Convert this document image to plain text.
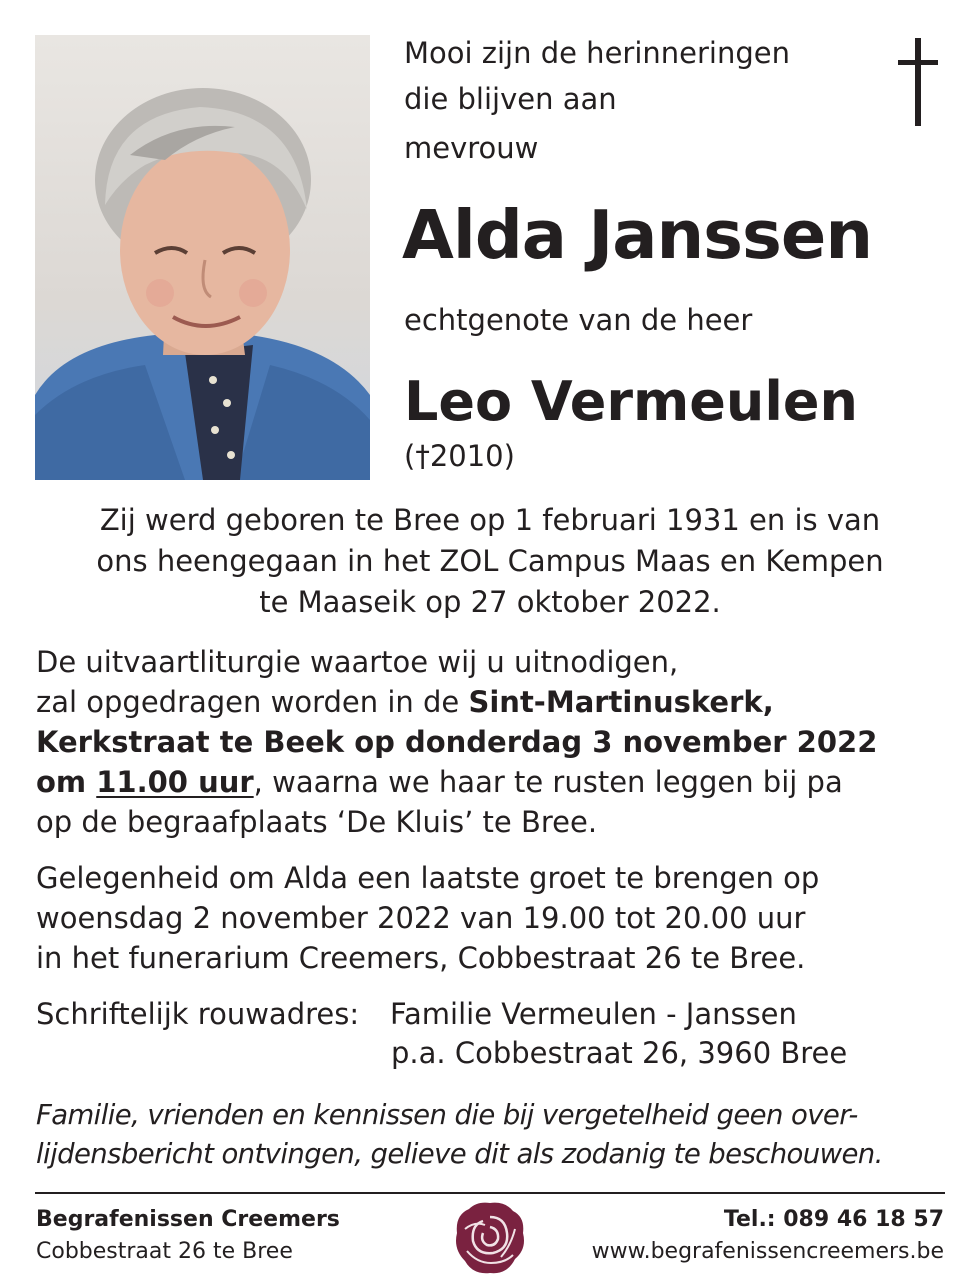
Mooi zijn de herinneringen
die blijven aan
mevrouw
Alda Janssen
echtgenote van de heer
Leo Vermeulen
(†2010)
Zij werd geboren te Bree op 1 februari 1931 en is van
ons heengegaan in het ZOL Campus Maas en Kempen
te Maaseik op 27 oktober 2022.
De uitvaartliturgie waartoe wij u uitnodigen,
zal opgedragen worden in de Sint-Martinuskerk,
Kerkstraat te Beek op donderdag 3 november 2022
om 11.00 uur, waarna we haar te rusten leggen bij pa
op de begraafplaats ‘De Kluis’ te Bree.
Gelegenheid om Alda een laatste groet te brengen op
woensdag 2 november 2022 van 19.00 tot 20.00 uur
in het funerarium Creemers, Cobbestraat 26 te Bree.
Schriftelijk rouwadres: Familie Vermeulen - Janssen
p.a. Cobbestraat 26, 3960 Bree
Familie, vrienden en kennissen die bij vergetelheid geen over-
lijdensbericht ontvingen, gelieve dit als zodanig te beschouwen.
Begrafenissen Creemers
Cobbestraat 26 te Bree
Tel.: 089 46 18 57
www.begrafenissencreemers.be
